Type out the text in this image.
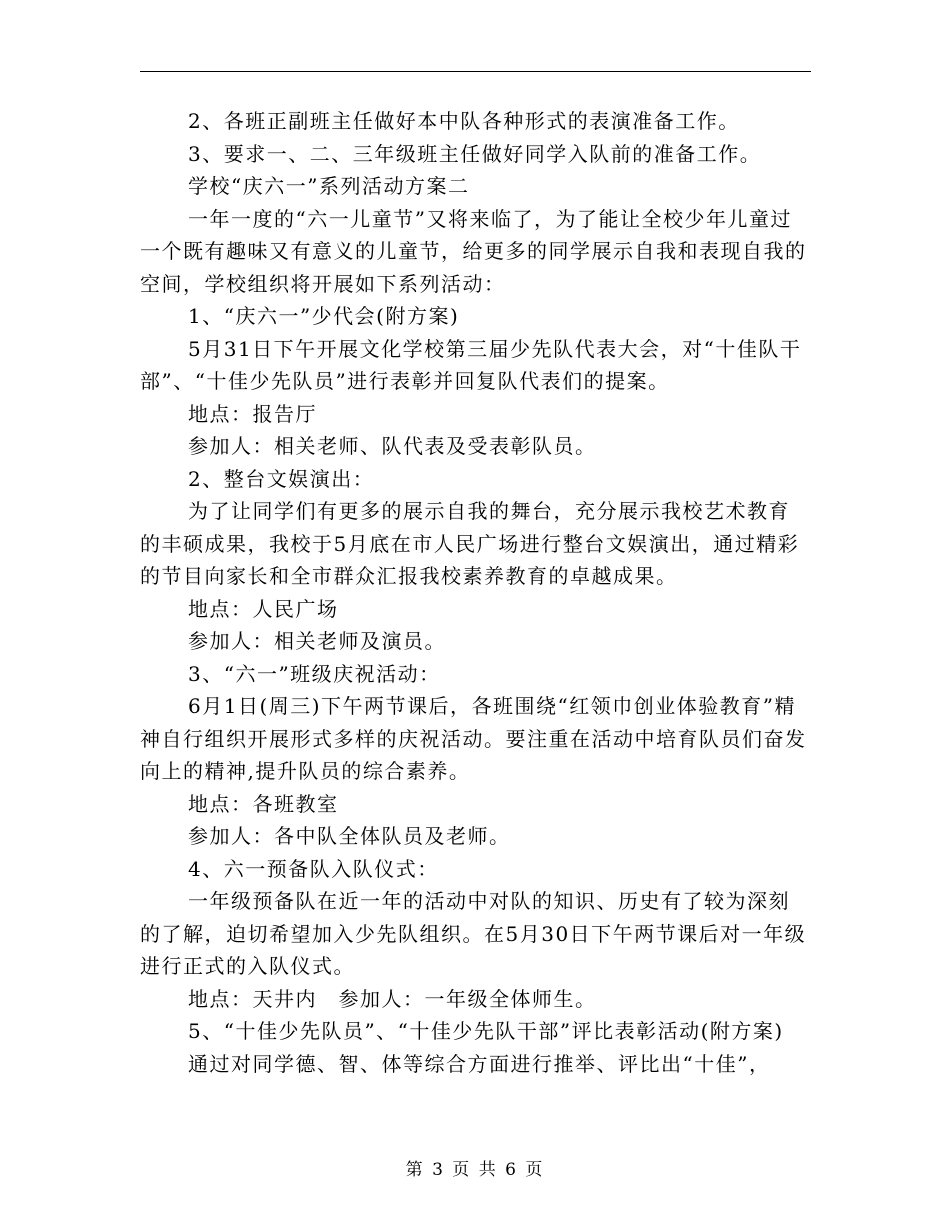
2、各班正副班主任做好本中队各种形式的表演准备工作。

3、要求一、二、三年级班主任做好同学入队前的准备工作。

学校“庆六一”系列活动方案二

一年一度的“六一儿童节”又将来临了，为了能让全校少年儿童过一个既有趣味又有意义的儿童节，给更多的同学展示自我和表现自我的空间，学校组织将开展如下系列活动：

1、“庆六一”少代会(附方案)

5月31日下午开展文化学校第三届少先队代表大会，对“十佳队干部”、“十佳少先队员”进行表彰并回复队代表们的提案。

地点：报告厅

参加人：相关老师、队代表及受表彰队员。

2、整台文娱演出：

为了让同学们有更多的展示自我的舞台，充分展示我校艺术教育的丰硕成果，我校于5月底在市人民广场进行整台文娱演出，通过精彩的节目向家长和全市群众汇报我校素养教育的卓越成果。

地点：人民广场

参加人：相关老师及演员。

3、“六一”班级庆祝活动：

6月1日(周三)下午两节课后，各班围绕“红领巾创业体验教育”精神自行组织开展形式多样的庆祝活动。要注重在活动中培育队员们奋发向上的精神,提升队员的综合素养。

地点：各班教室

参加人：各中队全体队员及老师。

4、六一预备队入队仪式：

一年级预备队在近一年的活动中对队的知识、历史有了较为深刻的了解，迫切希望加入少先队组织。在5月30日下午两节课后对一年级进行正式的入队仪式。

地点：天井内　参加人：一年级全体师生。

5、“十佳少先队员”、“十佳少先队干部”评比表彰活动(附方案)

通过对同学德、智、体等综合方面进行推举、评比出“十佳”，

第 3 页 共 6 页
